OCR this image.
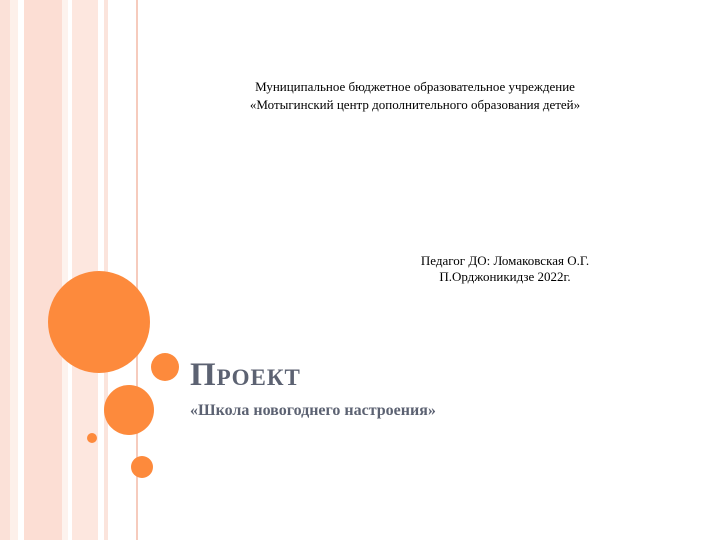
Муниципальное бюджетное образовательное учреждение
«Мотыгинский центр дополнительного образования детей»
Педагог ДО: Ломаковская О.Г.
П.Орджоникидзе 2022г.
Проект
«Школа новогоднего настроения»
